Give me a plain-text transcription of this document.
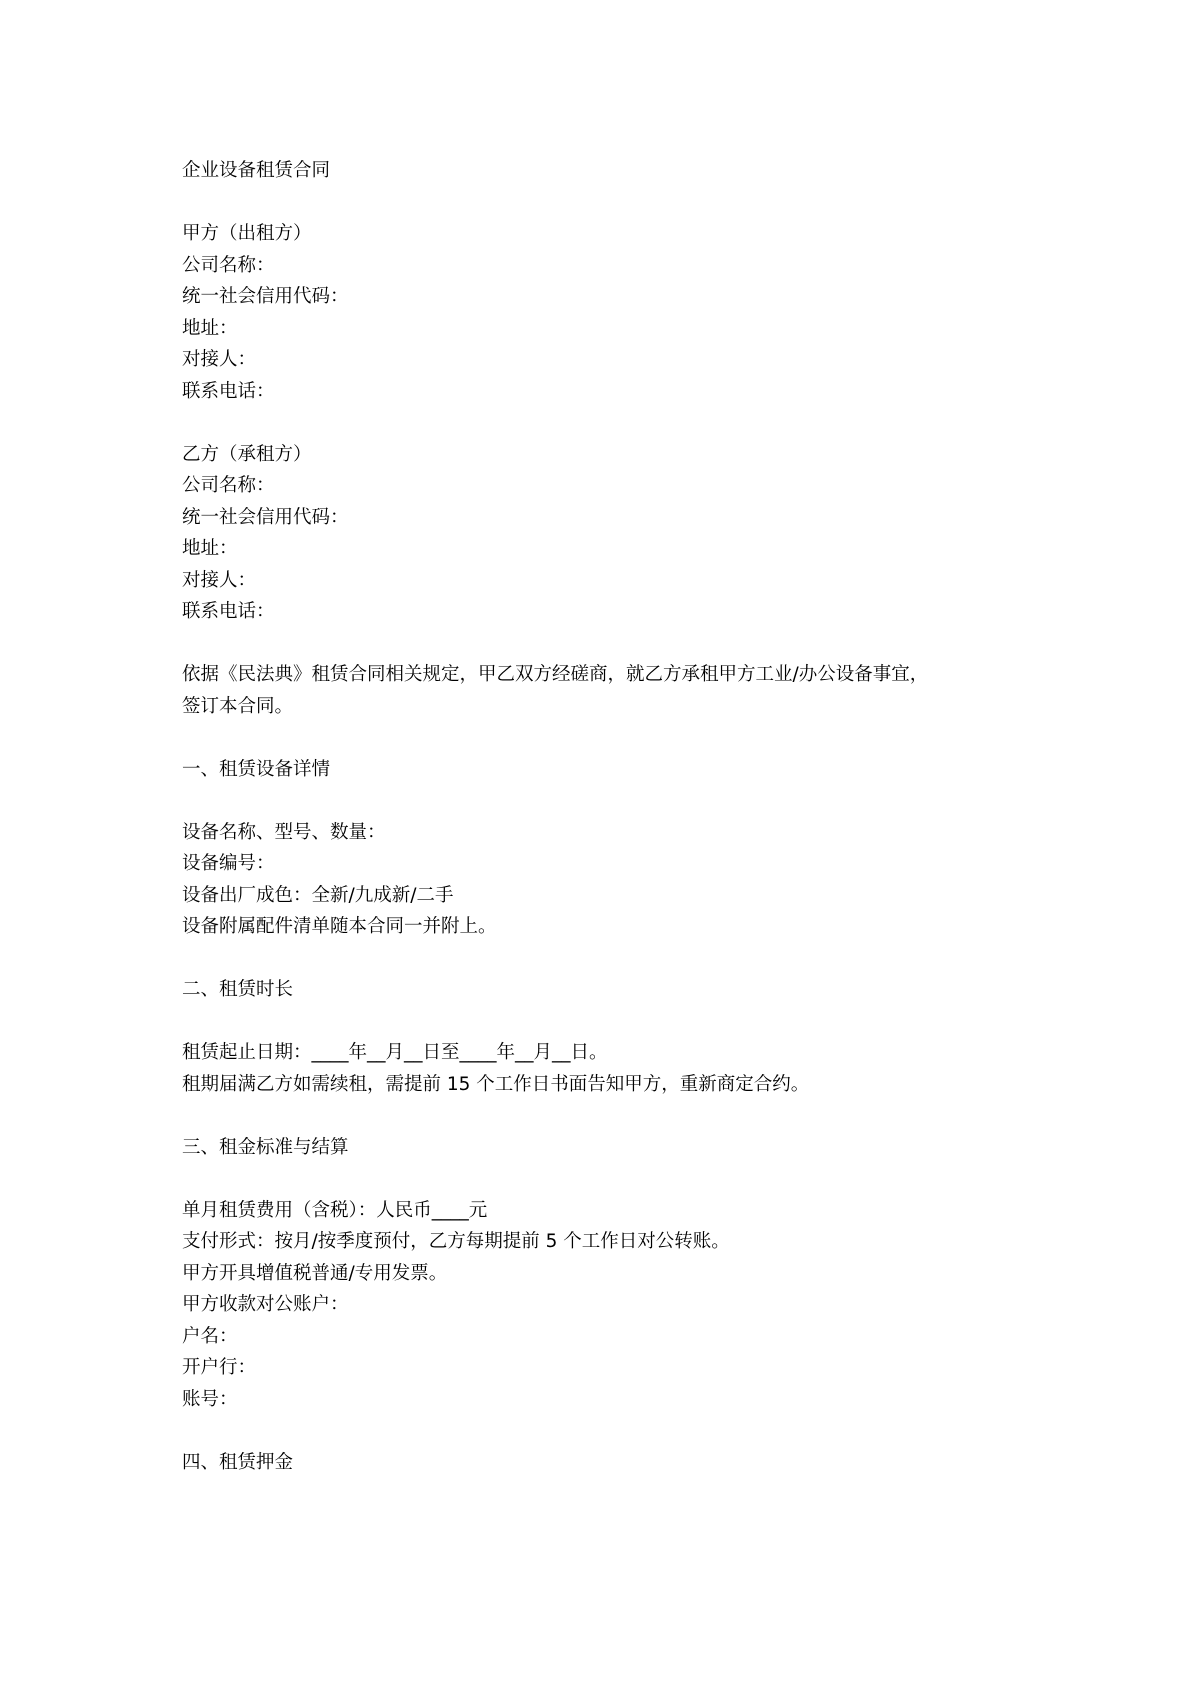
企业设备租赁合同
甲方（出租方）
公司名称：
统一社会信用代码：
地址：
对接人：
联系电话：
乙方（承租方）
公司名称：
统一社会信用代码：
地址：
对接人：
联系电话：
依据《民法典》租赁合同相关规定，甲乙双方经磋商，就乙方承租甲方工业/办公设备事宜，
签订本合同。
一、租赁设备详情
设备名称、型号、数量：
设备编号：
设备出厂成色：全新/九成新/二手
设备附属配件清单随本合同一并附上。
二、租赁时长
租赁起止日期：____年__月__日至____年__月__日。
租期届满乙方如需续租，需提前 15 个工作日书面告知甲方，重新商定合约。
三、租金标准与结算
单月租赁费用（含税）：人民币____元
支付形式：按月/按季度预付，乙方每期提前 5 个工作日对公转账。
甲方开具增值税普通/专用发票。
甲方收款对公账户：
户名：
开户行：
账号：
四、租赁押金
